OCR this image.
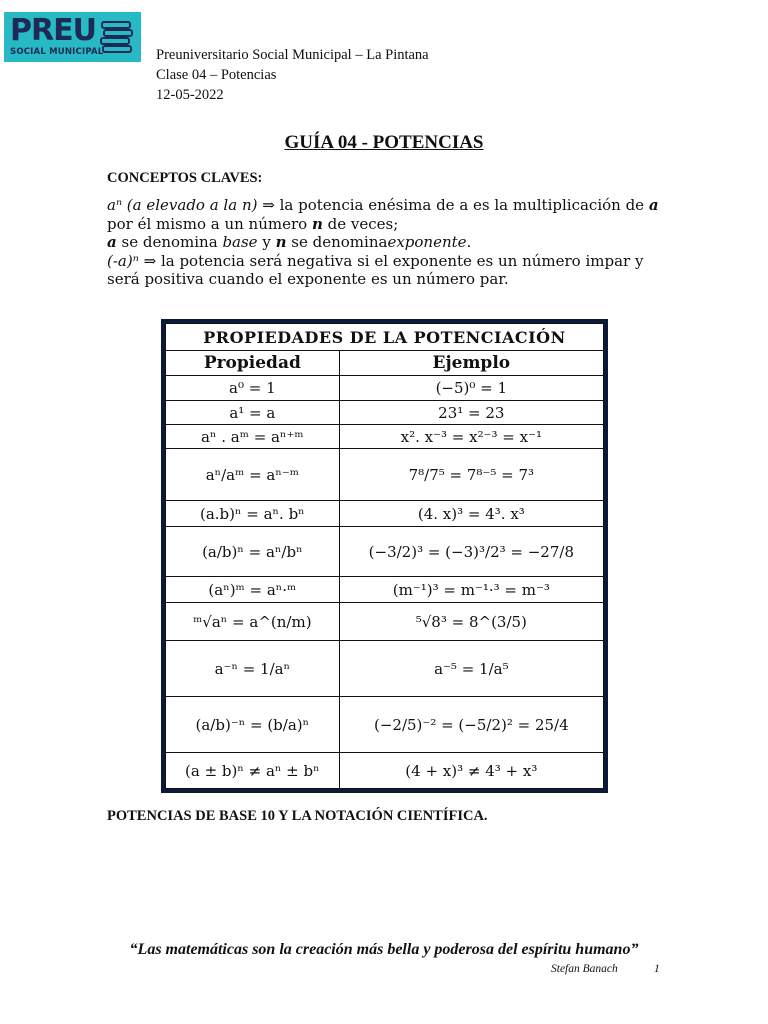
PREU
SOCIAL MUNICIPAL	Preuniversitario Social Municipal – La Pintana
Clase 04 – Potencias
12-05-2022
GUÍA 04 - POTENCIAS
CONCEPTOS CLAVES:
aⁿ (a elevado a la n) ⇒ la potencia enésima de a es la multiplicación de a por él mismo a un número n de veces;
a se denomina base y n se denominaexponente.
(-a)ⁿ ⇒ la potencia será negativa si el exponente es un número impar y será positiva cuando el exponente es un número par.
PROPIEDADES DE LA POTENCIACIÓN	
Propiedad	Ejemplo
a⁰ = 1	(−5)⁰ = 1
a¹ = a	23¹ = 23
aⁿ . aᵐ = aⁿ⁺ᵐ	x². x⁻³ = x²⁻³ = x⁻¹
aⁿ/aᵐ = aⁿ⁻ᵐ	7⁸/7⁵ = 7⁸⁻⁵ = 7³
(a.b)ⁿ = aⁿ. bⁿ	(4. x)³ = 4³. x³
(a/b)ⁿ = aⁿ/bⁿ	(−3/2)³ = (−3)³/2³ = −27/8
(aⁿ)ᵐ = aⁿ·ᵐ	(m⁻¹)³ = m⁻¹·³ = m⁻³
ᵐ√aⁿ = a^(n/m)	⁵√8³ = 8^(3/5)
a⁻ⁿ = 1/aⁿ	a⁻⁵ = 1/a⁵
(a/b)⁻ⁿ = (b/a)ⁿ	(−2/5)⁻² = (−5/2)² = 25/4
(a ± b)ⁿ ≠ aⁿ ± bⁿ	(4 + x)³ ≠ 4³ + x³
POTENCIAS DE BASE 10 Y LA NOTACIÓN CIENTÍFICA.
“Las matemáticas son la creación más bella y poderosa del espíritu humano”
Stefan Banach	1
